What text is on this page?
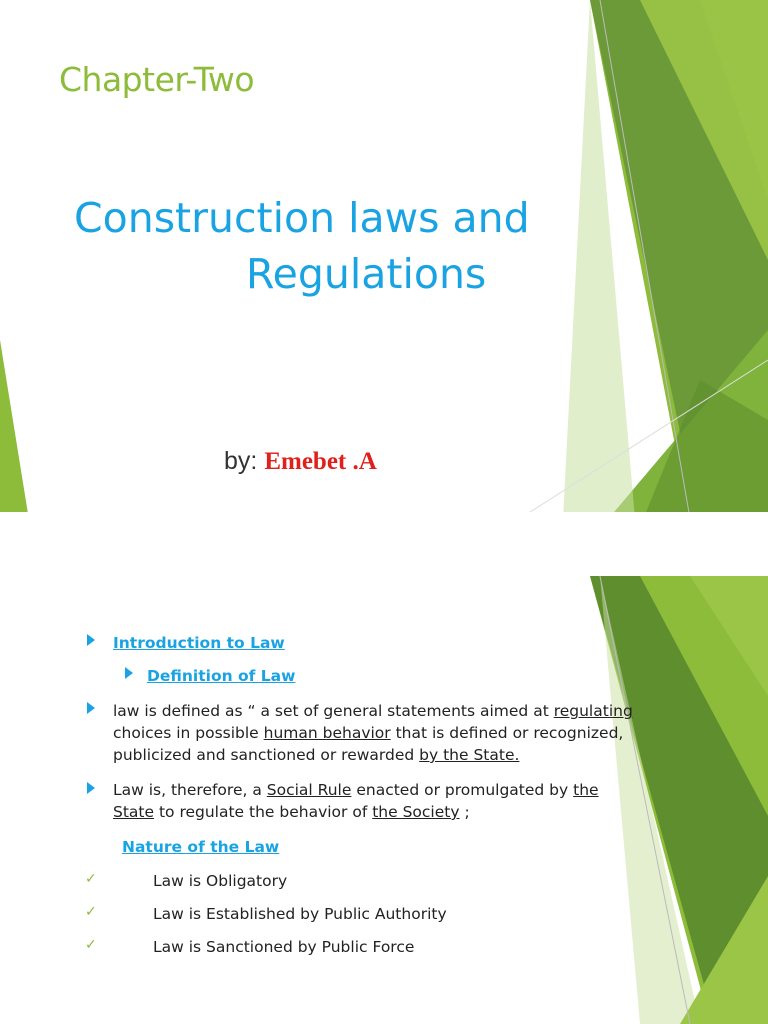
Chapter-Two
Construction laws and
Regulations
by: Emebet .A
Introduction to Law
Definition of Law
law is defined as “ a set of general statements aimed at regulating
choices in possible human behavior that is defined or recognized,
publicized and sanctioned or rewarded by the State.
Law is, therefore, a Social Rule enacted or promulgated by the
State to regulate the behavior of the Society ;
Nature of the Law
✓	Law is Obligatory
✓	Law is Established by Public Authority
✓	Law is Sanctioned by Public Force
